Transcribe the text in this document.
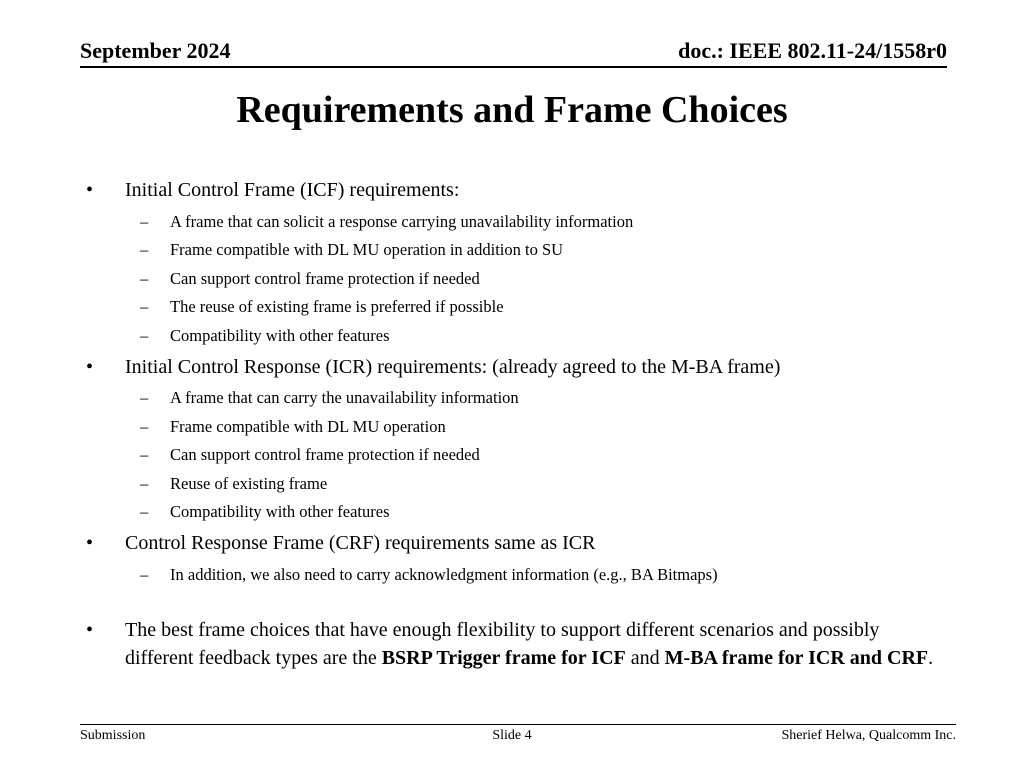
September 2024	doc.: IEEE 802.11-24/1558r0
Requirements and Frame Choices
• Initial Control Frame (ICF) requirements:
– A frame that can solicit a response carrying unavailability information
– Frame compatible with DL MU operation in addition to SU
– Can support control frame protection if needed
– The reuse of existing frame is preferred if possible
– Compatibility with other features
• Initial Control Response (ICR) requirements: (already agreed to the M-BA frame)
– A frame that can carry the unavailability information
– Frame compatible with DL MU operation
– Can support control frame protection if needed
– Reuse of existing frame
– Compatibility with other features
• Control Response Frame (CRF) requirements same as ICR
– In addition, we also need to carry acknowledgment information (e.g., BA Bitmaps)
• The best frame choices that have enough flexibility to support different scenarios and possibly different feedback types are the BSRP Trigger frame for ICF and M-BA frame for ICR and CRF.
Submission	Slide 4	Sherief Helwa, Qualcomm Inc.
